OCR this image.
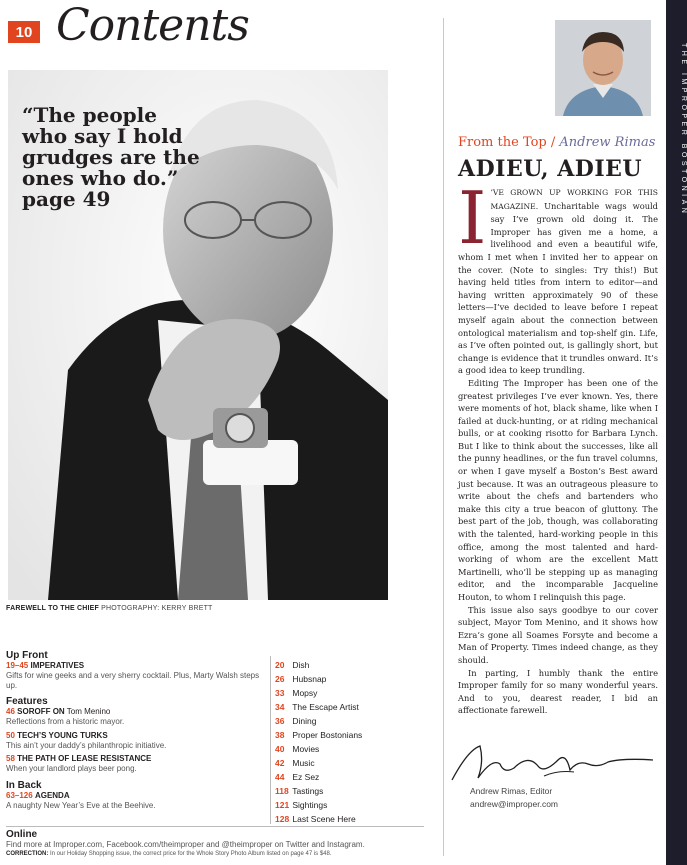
10 Contents
“The people who say I hold grudges are the ones who do.” page 49
FAREWELL TO THE CHIEF PHOTOGRAPHY: KERRY BRETT
Up Front
19–45 IMPERATIVES
Gifts for wine geeks and a very sherry cocktail. Plus, Marty Walsh steps up.
Features
46 SOROFF ON Tom Menino
Reflections from a historic mayor.
50 TECH’S YOUNG TURKS
This ain’t your daddy’s philanthropic initiative.
58 THE PATH OF LEASE RESISTANCE
When your landlord plays beer pong.
In Back
63–126 AGENDA
A naughty New Year’s Eve at the Beehive.
20 Dish
26 Hubsnap
33 Mopsy
34 The Escape Artist
36 Dining
38 Proper Bostonians
40 Movies
42 Music
44 Ez Sez
118 Tastings
121 Sightings
128 Last Scene Here
Online
Find more at Improper.com, Facebook.com/theimproper and @theimproper on Twitter and Instagram.
CORRECTION: In our Holiday Shopping issue, the correct price for the Whole Story Photo Album listed on page 47 is $48.
From the Top / Andrew Rimas
ADIEU, ADIEU

I ’VE GROWN UP WORKING FOR THIS MAGAZINE. Uncharitable wags would say I’ve grown old doing it. The Improper has given me a home, a livelihood and even a beautiful wife, whom I met when I invited her to appear on the cover. (Note to singles: Try this!) But having held titles from intern to editor—and having written approximately 90 of these letters—I’ve decided to leave before I repeat myself again about the connection between ontological materialism and top-shelf gin. Life, as I’ve often pointed out, is gallingly short, but change is evidence that it trundles onward. It’s a good idea to keep trundling.

Editing The Improper has been one of the greatest privileges I’ve ever known. Yes, there were moments of hot, black shame, like when I failed at duck-hunting, or at riding mechanical bulls, or at cooking risotto for Barbara Lynch. But I like to think about the successes, like all the punny headlines, or the fun travel columns, or when I gave myself a Boston’s Best award just because. It was an outrageous pleasure to write about the chefs and bartenders who make this city a true beacon of gluttony. The best part of the job, though, was collaborating with the talented, hard-working people in this office, among the most talented and hard-working of whom are the excellent Matt Martinelli, who’ll be stepping up as managing editor, and the incomparable Jacqueline Houton, to whom I relinquish this page.

This issue also says goodbye to our cover subject, Mayor Tom Menino, and it shows how Ezra’s gone all Soames Forsyte and become a Man of Property. Times indeed change, as they should.

In parting, I humbly thank the entire Improper family for so many wonderful years. And to you, dearest reader, I bid an affectionate farewell.

Andrew Rimas, Editor
andrew@improper.com
THE IMPROPER BOSTONIAN
